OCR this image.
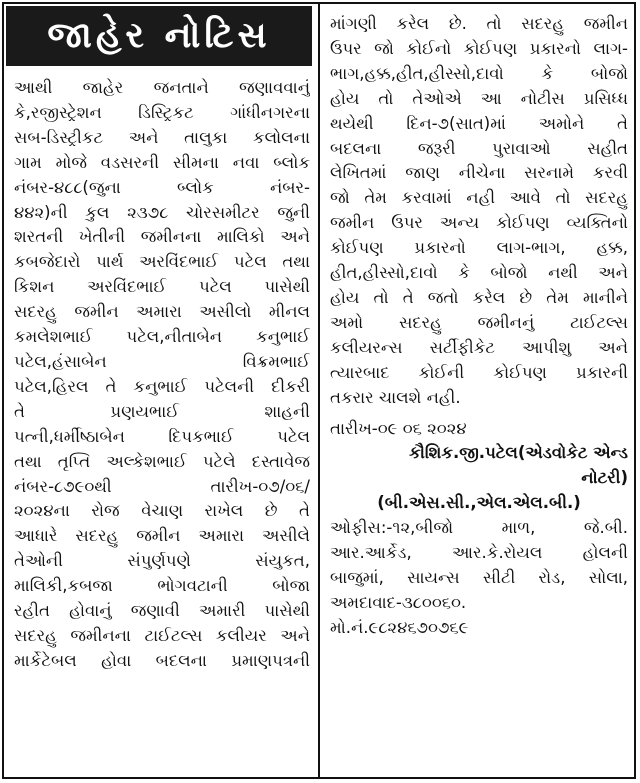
જાહેર નોટિસ
આથી જાહેર જનતાને જણાવવાનું
કે,રજીસ્ટ્રેશન ડિસ્ટ્રિકટ ગાંધીનગરના
સબ-ડિસ્ટ્રીકટ અને તાલુકા કલોલના
ગામ મોજે વડસરની સીમના નવા બ્લોક
નંબર-૪૮૮(જુના બ્લોક નંબર-
૪૪૨)ની કુલ ૨૩૭૮ ચોરસમીટર જુની
શરતની ખેતીની જમીનના માલિકો અને
કબજેદારો પાર્થ અરવિંદભાઈ પટેલ તથા
કિશન અરવિંદભાઈ પટેલ પાસેથી
સદરહુ જમીન અમારા અસીલો મીનલ
કમલેશભાઈ પટેલ,નીતાબેન કનુભાઈ
પટેલ,હંસાબેન વિક્રમભાઈ
પટેલ,હિરલ તે કનુભાઈ પટેલની દીકરી
તે પ્રણયભાઈ શાહની
પત્ની,ધર્મીષ્ઠાબેન દિપકભાઈ પટેલ
તથા તૃપ્તિ અલ્કેશભાઈ પટેલે દસ્તાવેજ
નંબર-૮૭૯૦થી તારીખ-૦૭/૦૬/
૨૦૨૪ના રોજ વેચાણ રાખેલ છે તે
આધારે સદરહુ જમીન અમારા અસીલે
તેઓની સંપુર્ણપણે સંયુકત,
માલિકી,કબજા ભોગવટાની બોજા
રહીત હોવાનું જણાવી અમારી પાસેથી
સદરહુ જમીનના ટાઈટલ્સ કલીયર અને
માર્કેટેબલ હોવા બદલના પ્રમાણપત્રની
માંગણી કરેલ છે. તો સદરહુ જમીન
ઉપર જો કોઈનો કોઈપણ પ્રકારનો લાગ-
ભાગ,હક્ક,હીત,હીસ્સો,દાવો કે બોજો
હોય તો તેઓએ આ નોટીસ પ્રસિધ્ધ
થયેથી દિન-૭(સાત)માં અમોને તે
બદલના જરૂરી પુરાવાઓ સહીત
લેખિતમાં જાણ નીચેના સરનામે કરવી
જો તેમ કરવામાં નહી આવે તો સદરહુ
જમીન ઉપર અન્ય કોઈપણ વ્યક્તિનો
કોઈપણ પ્રકારનો લાગ-ભાગ, હક્ક,
હીત,હીસ્સો,દાવો કે બોજો નથી અને
હોય તો તે જતો કરેલ છે તેમ માનીને
અમો સદરહુ જમીનનું ટાઈટલ્સ
કલીયરન્સ સર્ટીફીકેટ આપીશુ અને
ત્યારબાદ કોઈની કોઈપણ પ્રકારની
તકરાર ચાલશે નહી.
તારીખ-૦૯ ૦૬ ૨૦૨૪
કૌશિક.જી.પટેલ(એડવોકેટ એન્ડ
નોટરી)
(બી.એસ.સી.,એલ.એલ.બી.)
ઓફીસ:-૧૨,બીજો માળ, જે.બી.
આર.આર્કેડ, આર.કે.રોયલ હોલની
બાજુમાં, સાયન્સ સીટી રોડ, સોલા,
અમદાવાદ-૩૮૦૦૬૦.
મો.નં.૯૮૨૪૬૭૦૭૬૯
